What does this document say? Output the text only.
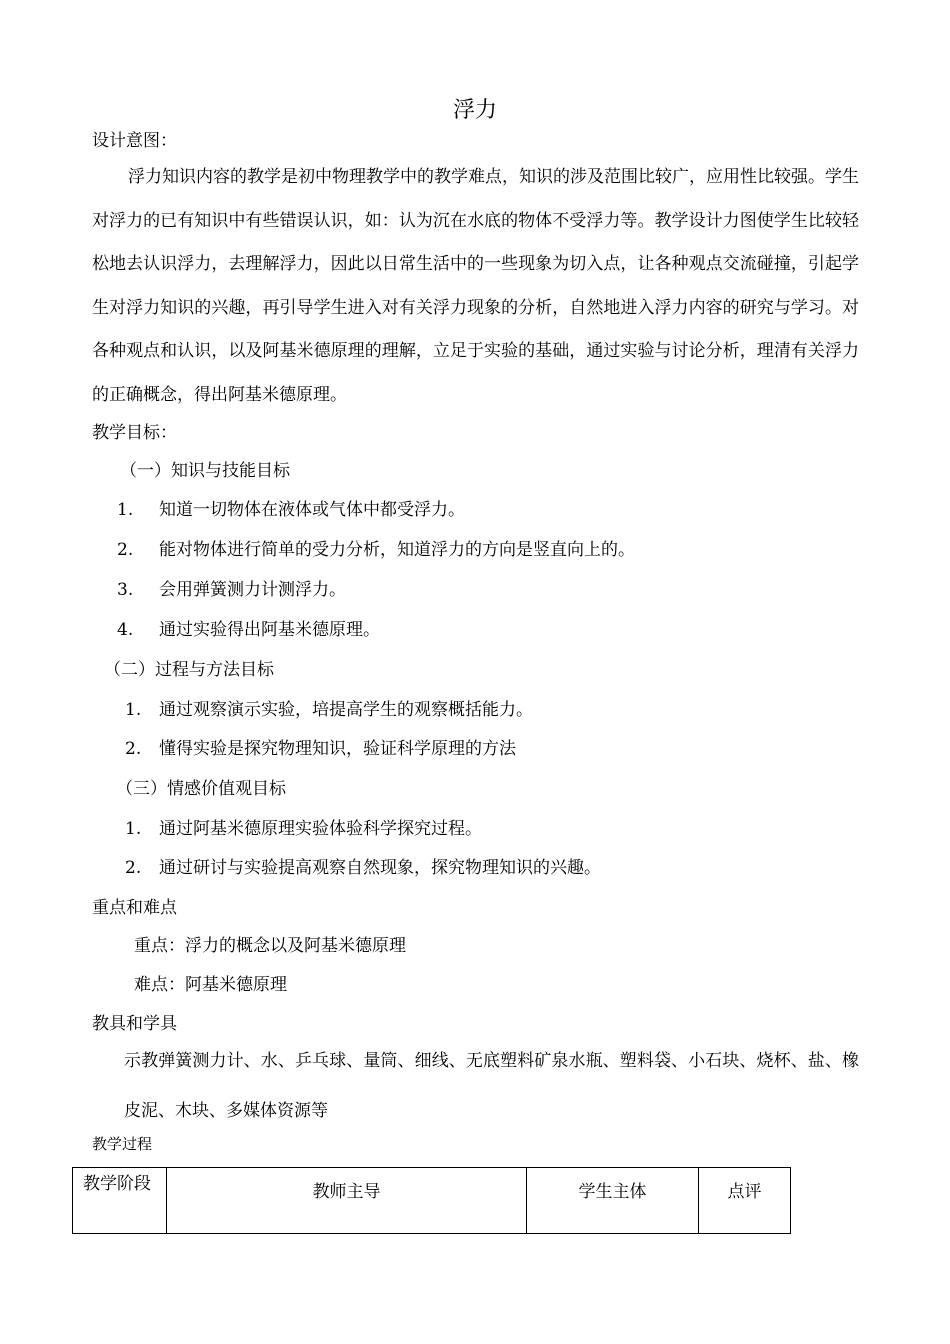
浮力
设计意图：
浮力知识内容的教学是初中物理教学中的教学难点，知识的涉及范围比较广，应用性比较强。学生对浮力的已有知识中有些错误认识，如：认为沉在水底的物体不受浮力等。教学设计力图使学生比较轻松地去认识浮力，去理解浮力，因此以日常生活中的一些现象为切入点，让各种观点交流碰撞，引起学生对浮力知识的兴趣，再引导学生进入对有关浮力现象的分析，自然地进入浮力内容的研究与学习。对各种观点和认识，以及阿基米德原理的理解，立足于实验的基础，通过实验与讨论分析，理清有关浮力的正确概念，得出阿基米德原理。
教学目标：
（一）知识与技能目标
1. 知道一切物体在液体或气体中都受浮力。
2. 能对物体进行简单的受力分析，知道浮力的方向是竖直向上的。
3. 会用弹簧测力计测浮力。
4. 通过实验得出阿基米德原理。
（二）过程与方法目标
1. 通过观察演示实验，培提高学生的观察概括能力。
2. 懂得实验是探究物理知识，验证科学原理的方法
（三）情感价值观目标
1. 通过阿基米德原理实验体验科学探究过程。
2. 通过研讨与实验提高观察自然现象，探究物理知识的兴趣。
重点和难点
重点：浮力的概念以及阿基米德原理
难点：阿基米德原理
教具和学具
示教弹簧测力计、水、乒乓球、量筒、细线、无底塑料矿泉水瓶、塑料袋、小石块、烧杯、盐、橡皮泥、木块、多媒体资源等
教学过程
教学阶段	教师主导	学生主体	点评
